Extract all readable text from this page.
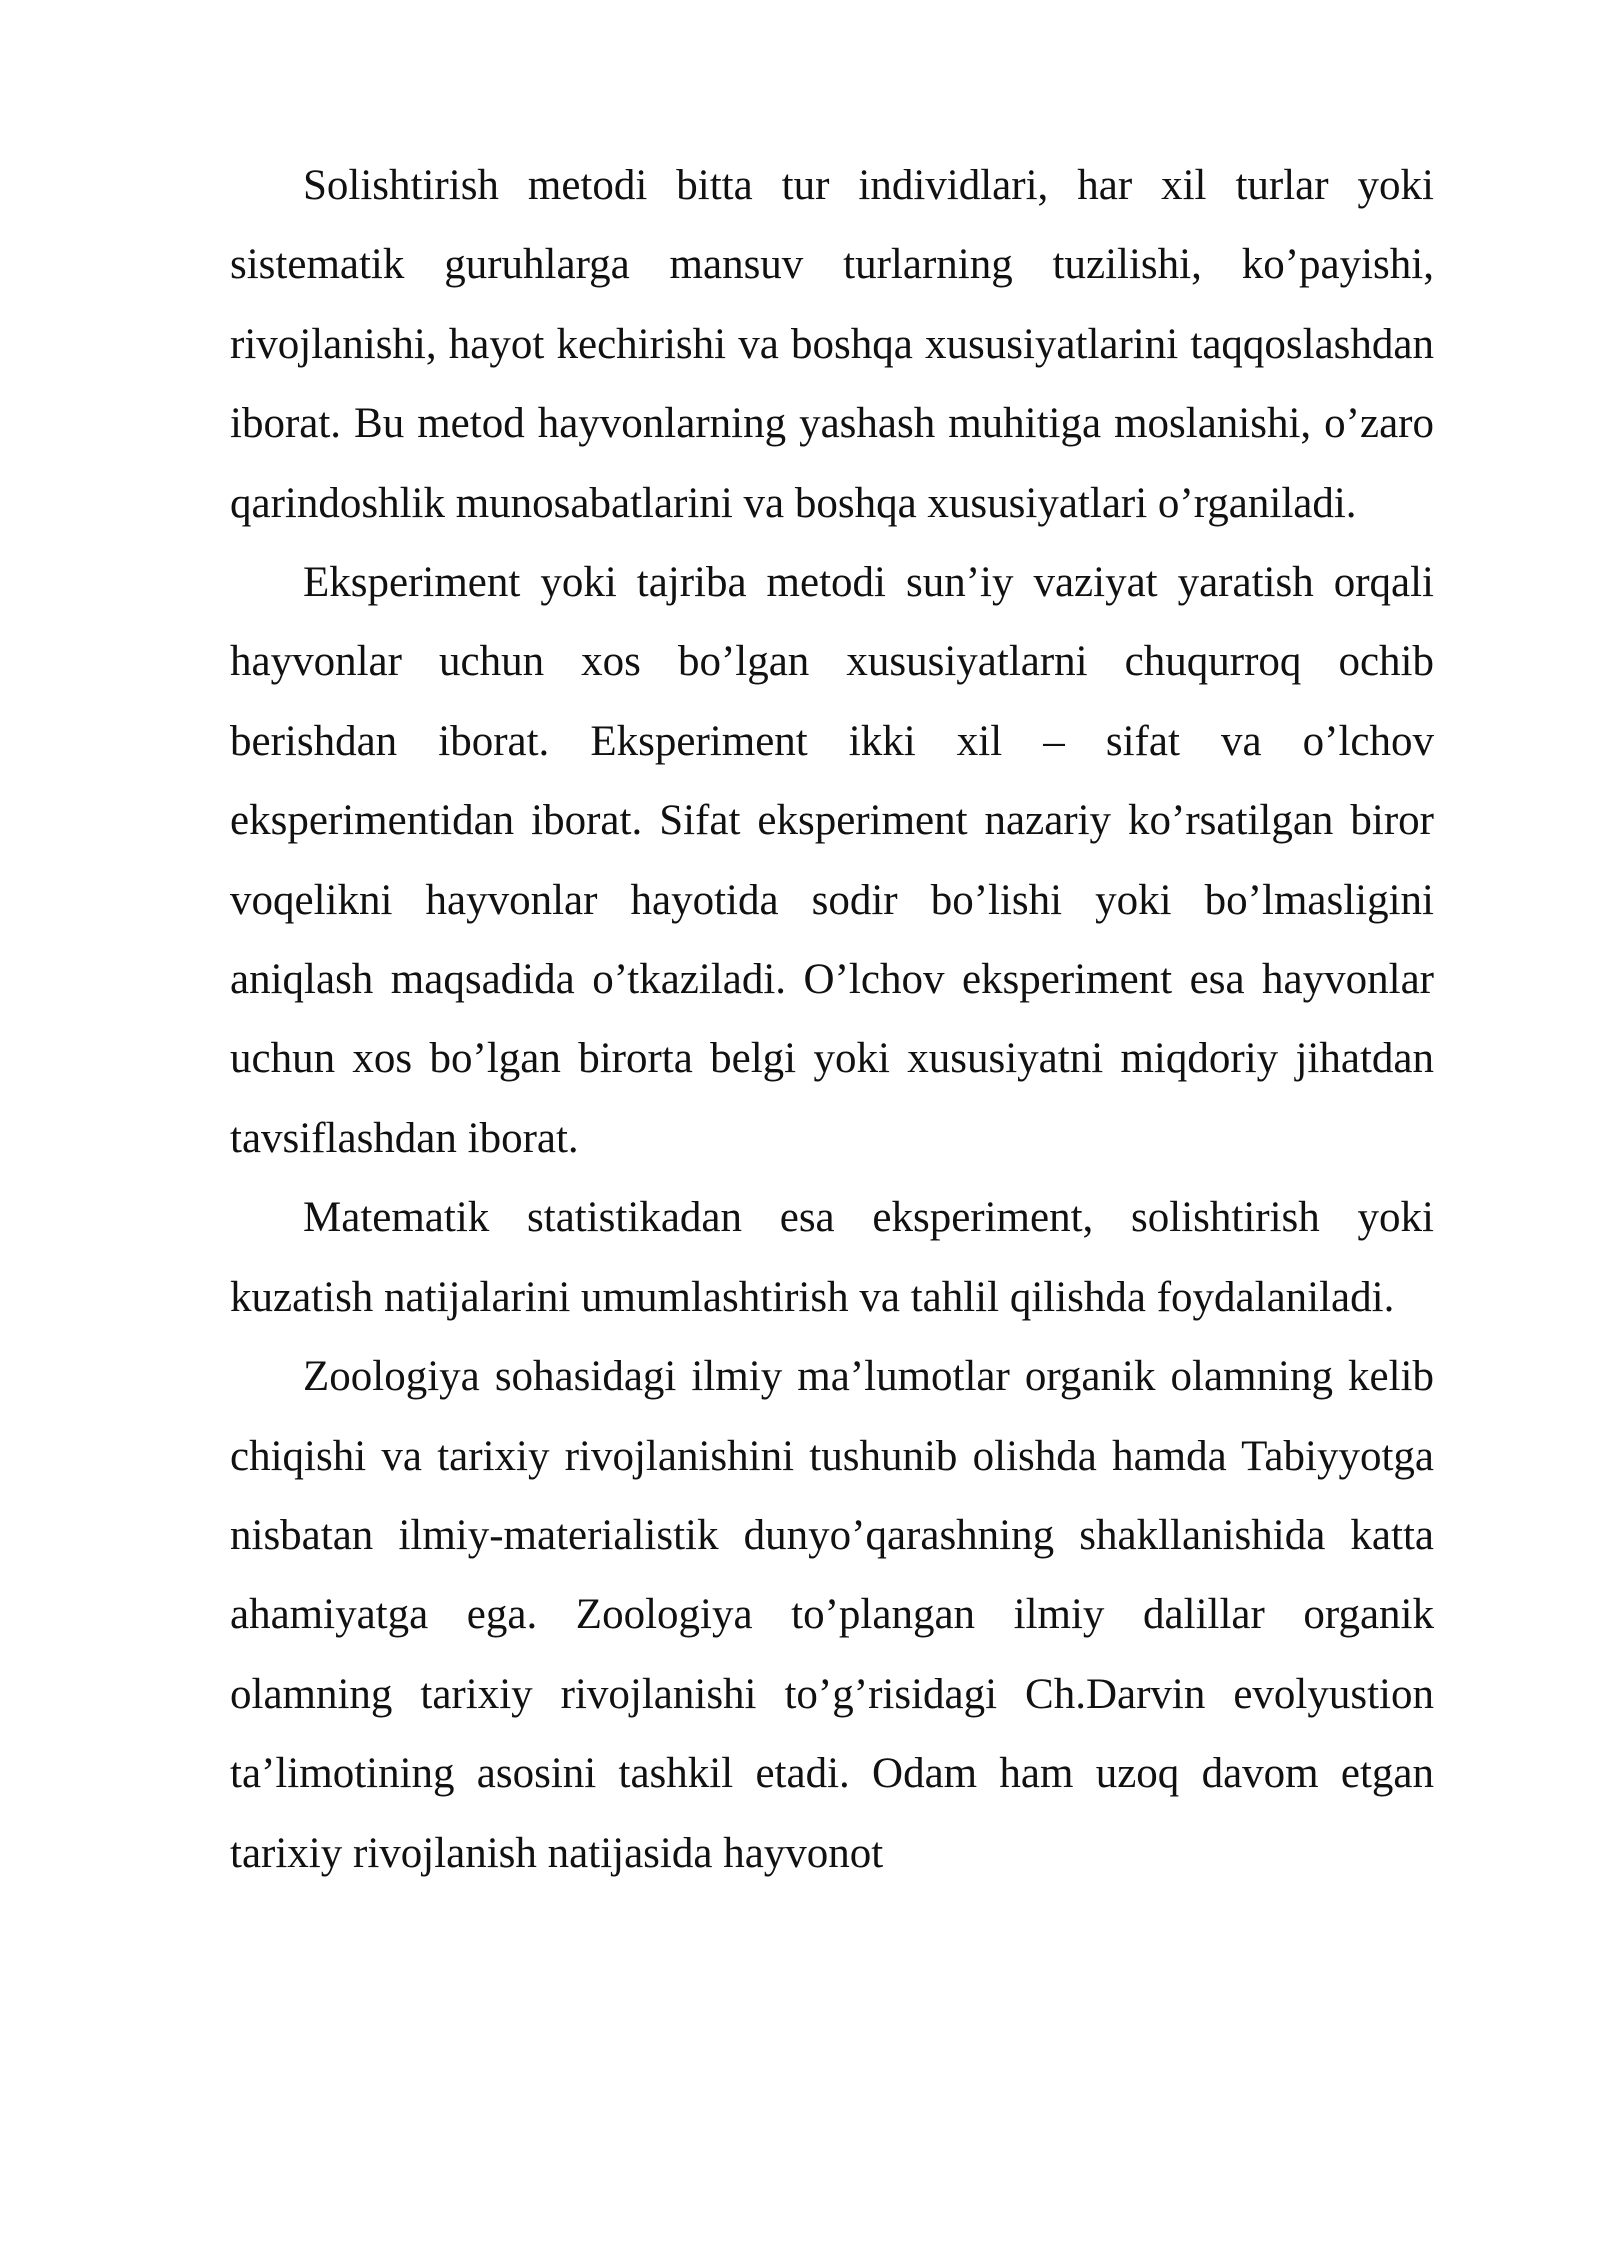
Solishtirish metodi bitta tur individlari, har xil turlar yoki sistematik guruhlarga mansuv turlarning tuzilishi, ko’payishi, rivojlanishi, hayot kechirishi va boshqa xususiyatlarini taqqoslashdan iborat. Bu metod hayvonlarning yashash muhitiga moslanishi, o’zaro qarindoshlik munosabatlarini va boshqa xususiyatlari o’rganiladi.

Eksperiment yoki tajriba metodi sun’iy vaziyat yaratish orqali hayvonlar uchun xos bo’lgan xususiyatlarni chuqurroq ochib berishdan iborat. Eksperiment ikki xil – sifat va o’lchov eksperimentidan iborat. Sifat eksperiment nazariy ko’rsatilgan biror voqelikni hayvonlar hayotida sodir bo’lishi yoki bo’lmasligini aniqlash maqsadida o’tkaziladi. O’lchov eksperiment esa hayvonlar uchun xos bo’lgan birorta belgi yoki xususiyatni miqdoriy jihatdan tavsiflashdan iborat.

Matematik statistikadan esa eksperiment, solishtirish yoki kuzatish natijalarini umumlashtirish va tahlil qilishda foydalaniladi.

Zoologiya sohasidagi ilmiy ma’lumotlar organik olamning kelib chiqishi va tarixiy rivojlanishini tushunib olishda hamda Tabiyyotga nisbatan ilmiy-materialistik dunyo’qarashning shakllanishida katta ahamiyatga ega. Zoologiya to’plangan ilmiy dalillar organik olamning tarixiy rivojlanishi to’g’risidagi Ch.Darvin evolyustion ta’limotining asosini tashkil etadi. Odam ham uzoq davom etgan tarixiy rivojlanish natijasida hayvonot
